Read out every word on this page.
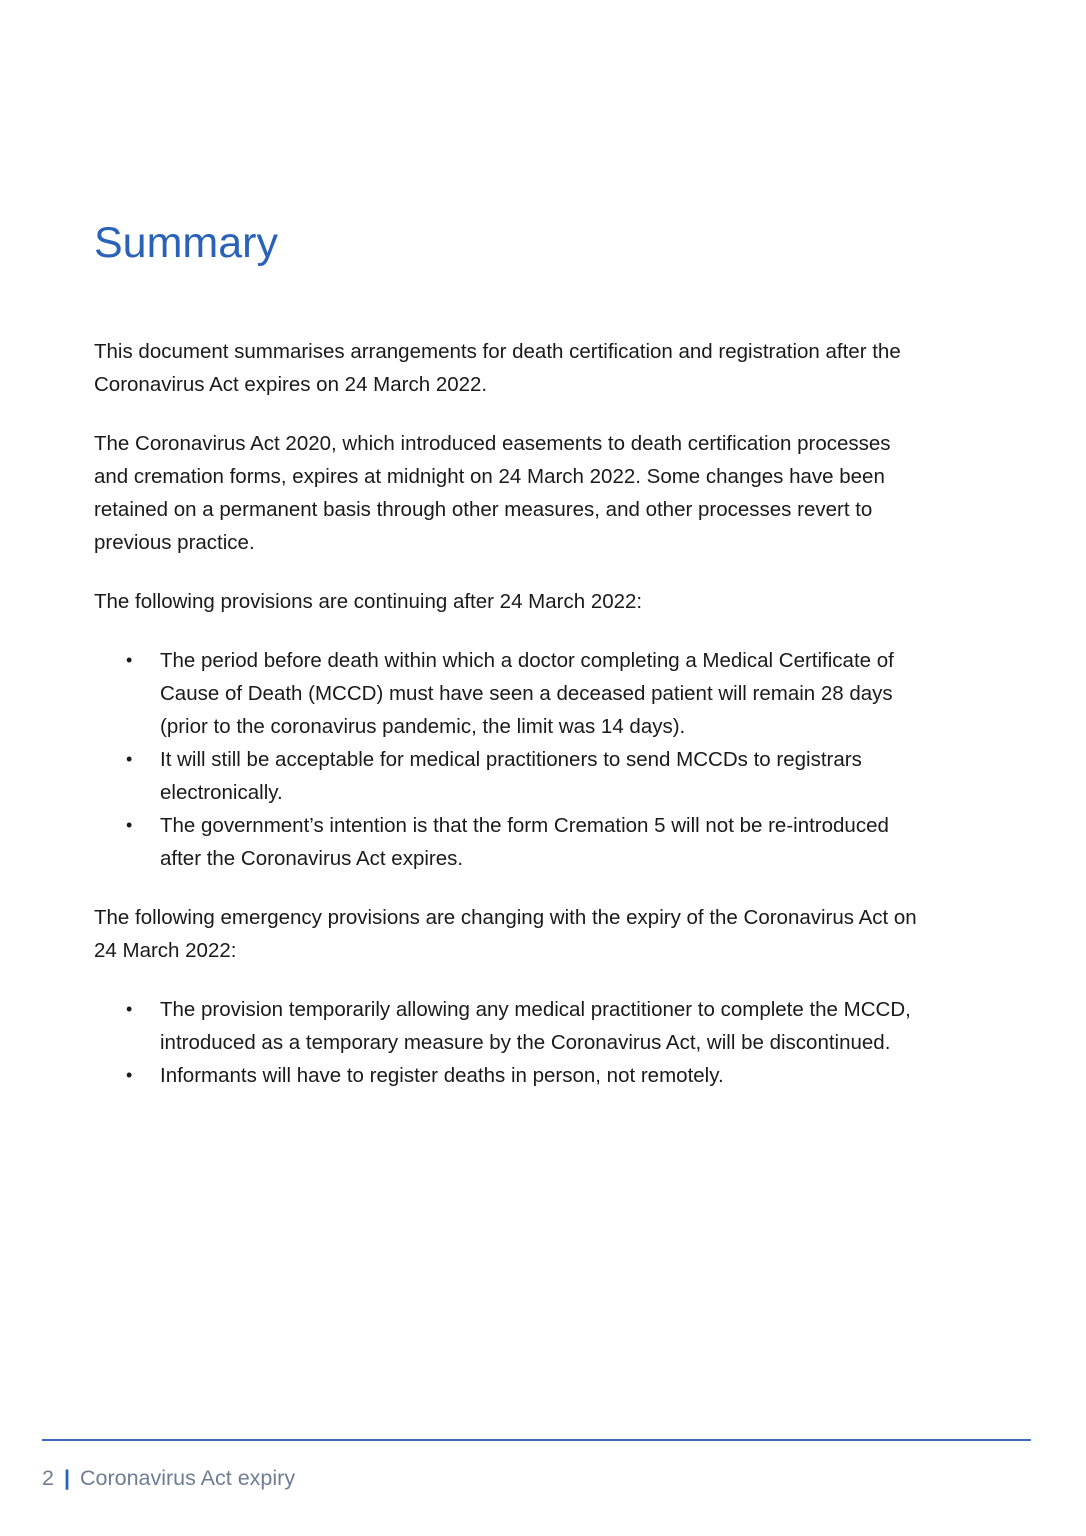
Summary

This document summarises arrangements for death certification and registration after the Coronavirus Act expires on 24 March 2022.

The Coronavirus Act 2020, which introduced easements to death certification processes and cremation forms, expires at midnight on 24 March 2022. Some changes have been retained on a permanent basis through other measures, and other processes revert to previous practice.

The following provisions are continuing after 24 March 2022:

• The period before death within which a doctor completing a Medical Certificate of Cause of Death (MCCD) must have seen a deceased patient will remain 28 days (prior to the coronavirus pandemic, the limit was 14 days).
• It will still be acceptable for medical practitioners to send MCCDs to registrars electronically.
• The government’s intention is that the form Cremation 5 will not be re-introduced after the Coronavirus Act expires.

The following emergency provisions are changing with the expiry of the Coronavirus Act on 24 March 2022:

• The provision temporarily allowing any medical practitioner to complete the MCCD, introduced as a temporary measure by the Coronavirus Act, will be discontinued.
• Informants will have to register deaths in person, not remotely.
2 | Coronavirus Act expiry
